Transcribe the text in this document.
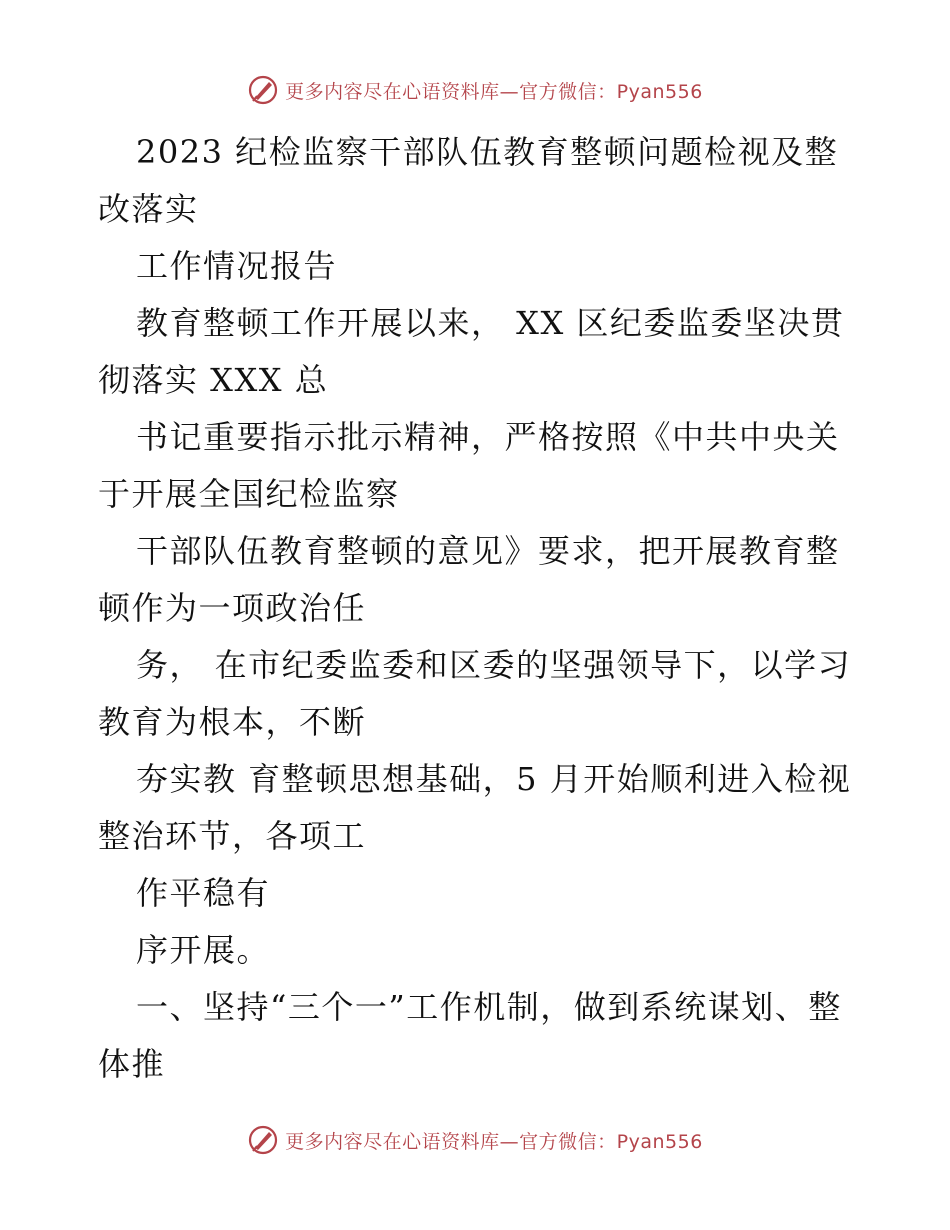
更多内容尽在心语资料库—官方微信：Pyan556

2023 纪检监察干部队伍教育整顿问题检视及整改落实

工作情况报告

教育整顿工作开展以来， XX 区纪委监委坚决贯彻落实 XXX 总

书记重要指示批示精神，严格按照《中共中央关于开展全国纪检监察

干部队伍教育整顿的意见》要求，把开展教育整顿作为一项政治任

务， 在市纪委监委和区委的坚强领导下，以学习教育为根本，不断

夯实教 育整顿思想基础，5 月开始顺利进入检视整治环节，各项工

作平稳有

序开展。

一、坚持“三个一”工作机制，做到系统谋划、整体推

更多内容尽在心语资料库—官方微信：Pyan556
